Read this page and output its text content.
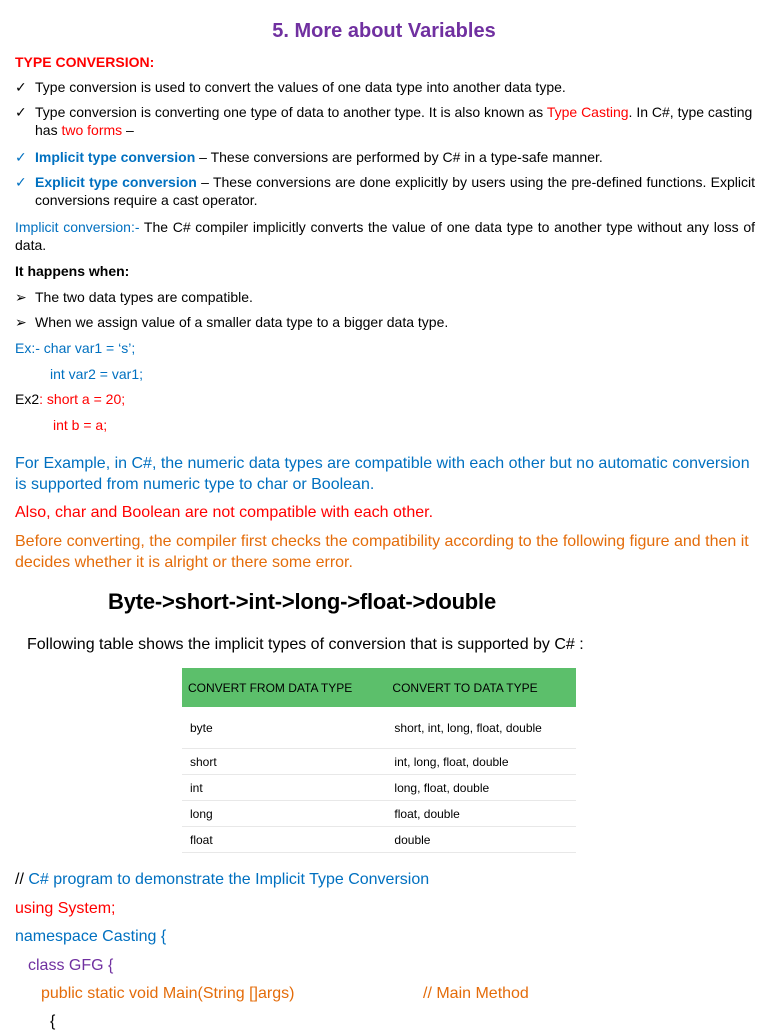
5. More about Variables
TYPE CONVERSION:
✓ Type conversion is used to convert the values of one data type into another data type.
✓ Type conversion is converting one type of data to another type. It is also known as Type Casting. In C#, type casting has two forms –
✓ Implicit type conversion – These conversions are performed by C# in a type-safe manner.
✓ Explicit type conversion – These conversions are done explicitly by users using the pre-defined functions. Explicit conversions require a cast operator.
Implicit conversion:- The C# compiler implicitly converts the value of one data type to another type without any loss of data.
It happens when:
➢ The two data types are compatible.
➢ When we assign value of a smaller data type to a bigger data type.
Ex:- char var1 = ‘s’;
int var2 = var1;
Ex2: short a = 20;
int b = a;
For Example, in C#, the numeric data types are compatible with each other but no automatic conversion is supported from numeric type to char or Boolean.
Also, char and Boolean are not compatible with each other.
Before converting, the compiler first checks the compatibility according to the following figure and then it decides whether it is alright or there some error.
Byte->short->int->long->float->double
Following table shows the implicit types of conversion that is supported by C# :
CONVERT FROM DATA TYPE	CONVERT TO DATA TYPE
byte	short, int, long, float, double
short	int, long, float, double
int	long, float, double
long	float, double
float	double
// C# program to demonstrate the Implicit Type Conversion
using System;
namespace Casting {
class GFG {
public static void Main(String []args)	// Main Method
{
